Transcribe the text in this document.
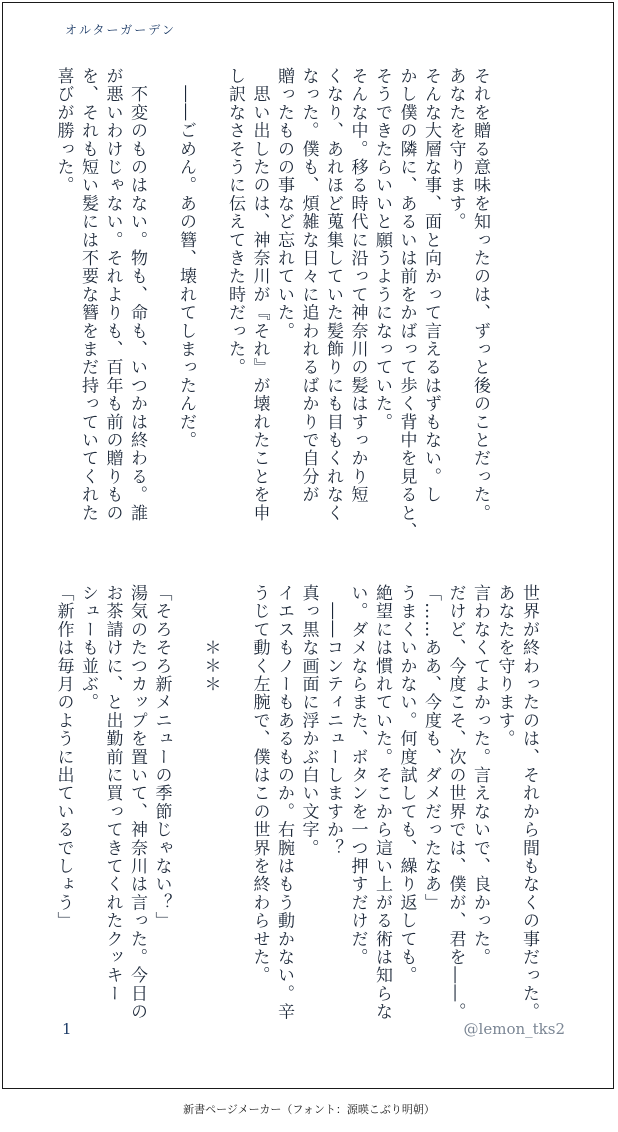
オルターガーデン
それを贈る意味を知ったのは、ずっと後のことだった。
あなたを守ります。
そんな大層な事、面と向かって言えるはずもない。し
かし僕の隣に、あるいは前をかばって歩く背中を見ると、
そうできたらいいと願うようになっていた。
そんな中。移る時代に沿って神奈川の髪はすっかり短
くなり、あれほど蒐集していた髪飾りにも目もくれなく
なった。僕も、煩雑な日々に追われるばかりで自分が
贈ったものの事など忘れていた。
　思い出したのは、神奈川が『それ』が壊れたことを申
し訳なさそうに伝えてきた時だった。
　――ごめん。あの簪、壊れてしまったんだ。
　不変のものはない。物も、命も、いつかは終わる。誰
が悪いわけじゃない。それよりも、百年も前の贈りもの
を、それも短い髪には不要な簪をまだ持っていてくれた
喜びが勝った。
世界が終わったのは、それから間もなくの事だった。
あなたを守ります。
言わなくてよかった。言えないで、良かった。
だけど、今度こそ、次の世界では、僕が、君を――。
「……ああ、今度も、ダメだったなあ」
うまくいかない。何度試しても、繰り返しても。
絶望には慣れていた。そこから這い上がる術は知らな
い。ダメならまた、ボタンを一つ押すだけだ。
　――コンティニューしますか？
真っ黒な画面に浮かぶ白い文字。
イエスもノーもあるものか。右腕はもう動かない。辛
うじて動く左腕で、僕はこの世界を終わらせた。
　　　＊＊＊
「そろそろ新メニューの季節じゃない？」
湯気のたつカップを置いて、神奈川は言った。今日の
お茶請けに、と出勤前に買ってきてくれたクッキー
シューも並ぶ。
「新作は毎月のように出ているでしょう」
1	@lemon_tks2
新書ページメーカー（フォント：源暎こぶり明朝）
